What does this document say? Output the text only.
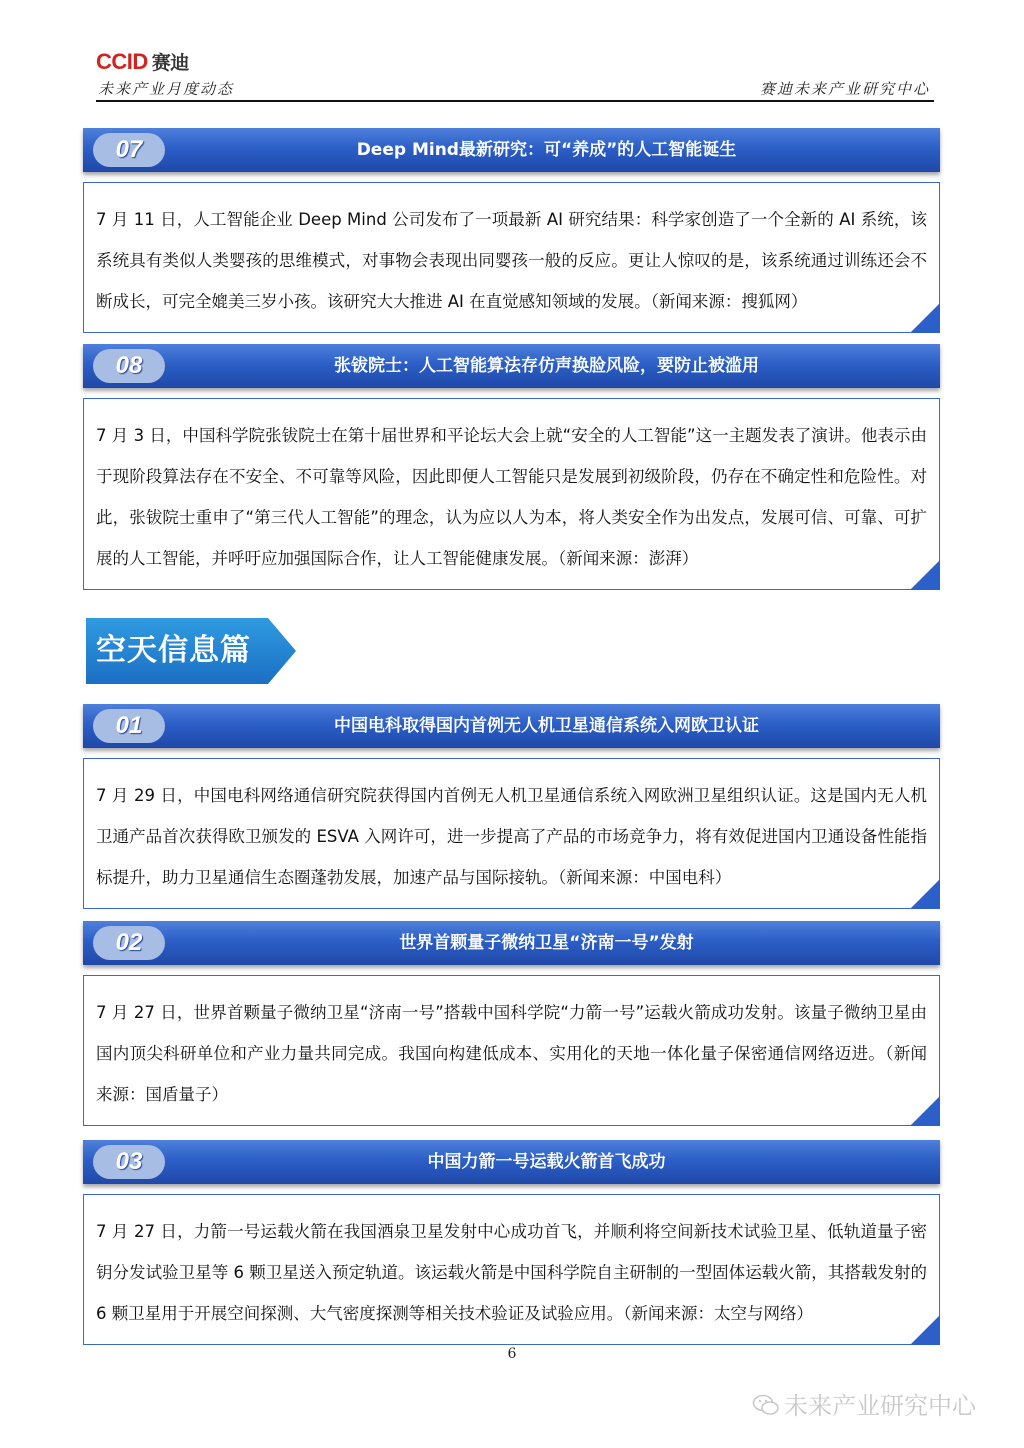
CCID 赛迪
未来产业月度动态	赛迪未来产业研究中心
07	Deep Mind最新研究：可“养成”的人工智能诞生

7 月 11 日，人工智能企业 Deep Mind 公司发布了一项最新 AI 研究结果：科学家创造了一个全新的 AI 系统，该系统具有类似人类婴孩的思维模式，对事物会表现出同婴孩一般的反应。更让人惊叹的是，该系统通过训练还会不断成长，可完全媲美三岁小孩。该研究大大推进 AI 在直觉感知领域的发展。（新闻来源：搜狐网）

08	张钹院士：人工智能算法存仿声换脸风险，要防止被滥用

7 月 3 日，中国科学院张钹院士在第十届世界和平论坛大会上就“安全的人工智能”这一主题发表了演讲。他表示由于现阶段算法存在不安全、不可靠等风险，因此即便人工智能只是发展到初级阶段，仍存在不确定性和危险性。对此，张钹院士重申了“第三代人工智能”的理念，认为应以人为本，将人类安全作为出发点，发展可信、可靠、可扩展的人工智能，并呼吁应加强国际合作，让人工智能健康发展。（新闻来源：澎湃）

空天信息篇
01	中国电科取得国内首例无人机卫星通信系统入网欧卫认证

7 月 29 日，中国电科网络通信研究院获得国内首例无人机卫星通信系统入网欧洲卫星组织认证。这是国内无人机卫通产品首次获得欧卫颁发的 ESVA 入网许可，进一步提高了产品的市场竞争力，将有效促进国内卫通设备性能指标提升，助力卫星通信生态圈蓬勃发展，加速产品与国际接轨。（新闻来源：中国电科）

02	世界首颗量子微纳卫星“济南一号”发射

7 月 27 日，世界首颗量子微纳卫星“济南一号”搭载中国科学院“力箭一号”运载火箭成功发射。该量子微纳卫星由国内顶尖科研单位和产业力量共同完成。我国向构建低成本、实用化的天地一体化量子保密通信网络迈进。（新闻来源：国盾量子）

03	中国力箭一号运载火箭首飞成功

7 月 27 日，力箭一号运载火箭在我国酒泉卫星发射中心成功首飞，并顺利将空间新技术试验卫星、低轨道量子密钥分发试验卫星等 6 颗卫星送入预定轨道。该运载火箭是中国科学院自主研制的一型固体运载火箭，其搭载发射的 6 颗卫星用于开展空间探测、大气密度探测等相关技术验证及试验应用。（新闻来源：太空与网络）

6
未来产业研究中心
